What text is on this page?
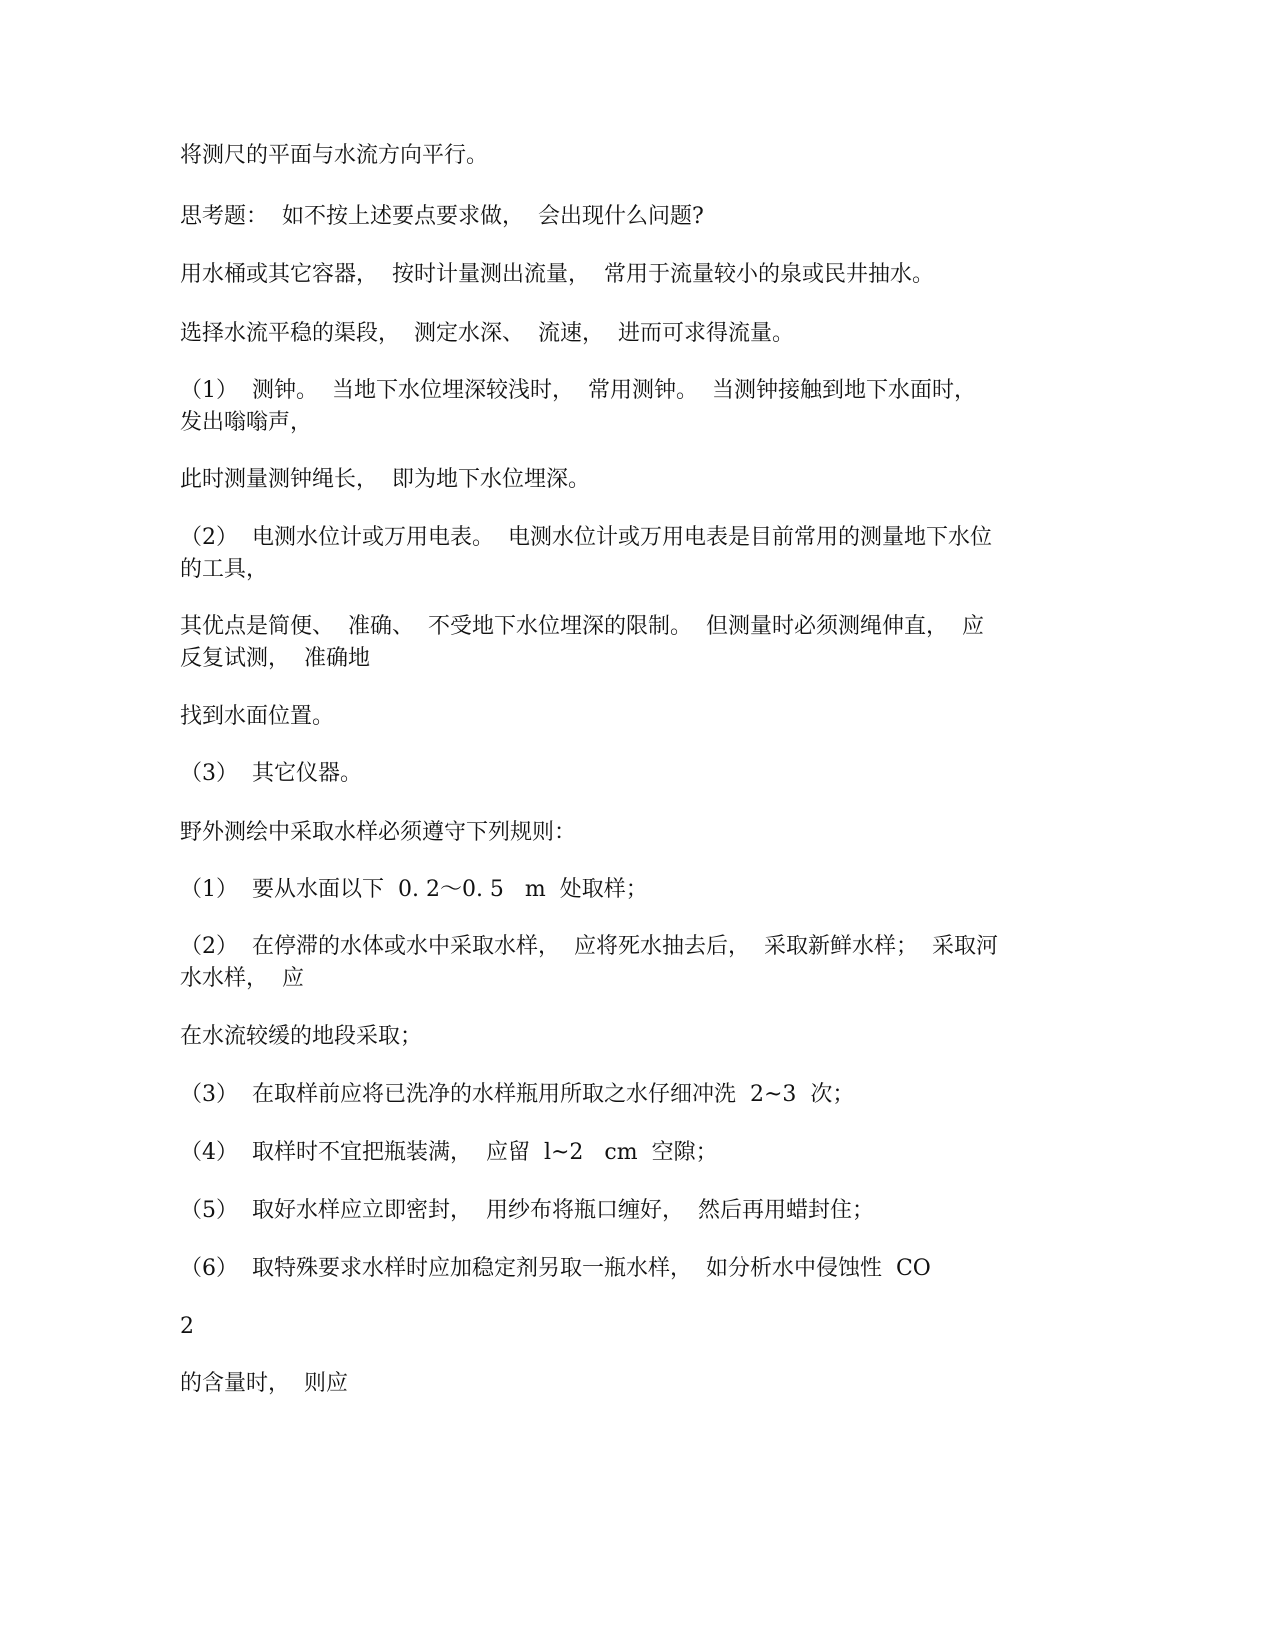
将测尺的平面与水流方向平行。

思考题：  如不按上述要点要求做，  会出现什么问题?

用水桶或其它容器，  按时计量测出流量，  常用于流量较小的泉或民井抽水。

选择水流平稳的渠段，  测定水深、  流速，  进而可求得流量。

（1）  测钟。  当地下水位埋深较浅时，  常用测钟。  当测钟接触到地下水面时，
发出嗡嗡声，

此时测量测钟绳长，  即为地下水位埋深。

（2）  电测水位计或万用电表。  电测水位计或万用电表是目前常用的测量地下水位
的工具，

其优点是简便、  准确、  不受地下水位埋深的限制。  但测量时必须测绳伸直，  应
反复试测，  准确地

找到水面位置。

（3）  其它仪器。

野外测绘中采取水样必须遵守下列规则：

（1）  要从水面以下  0. 2～0. 5   m  处取样；

（2）  在停滞的水体或水中采取水样，  应将死水抽去后，  采取新鲜水样；  采取河
水水样，  应

在水流较缓的地段采取；

（3）  在取样前应将已洗净的水样瓶用所取之水仔细冲洗  2~3  次；

（4）  取样时不宜把瓶装满，  应留  l~2   cm  空隙；

（5）  取好水样应立即密封，  用纱布将瓶口缠好，  然后再用蜡封住；

（6）  取特殊要求水样时应加稳定剂另取一瓶水样，  如分析水中侵蚀性  CO

2

的含量时，  则应
